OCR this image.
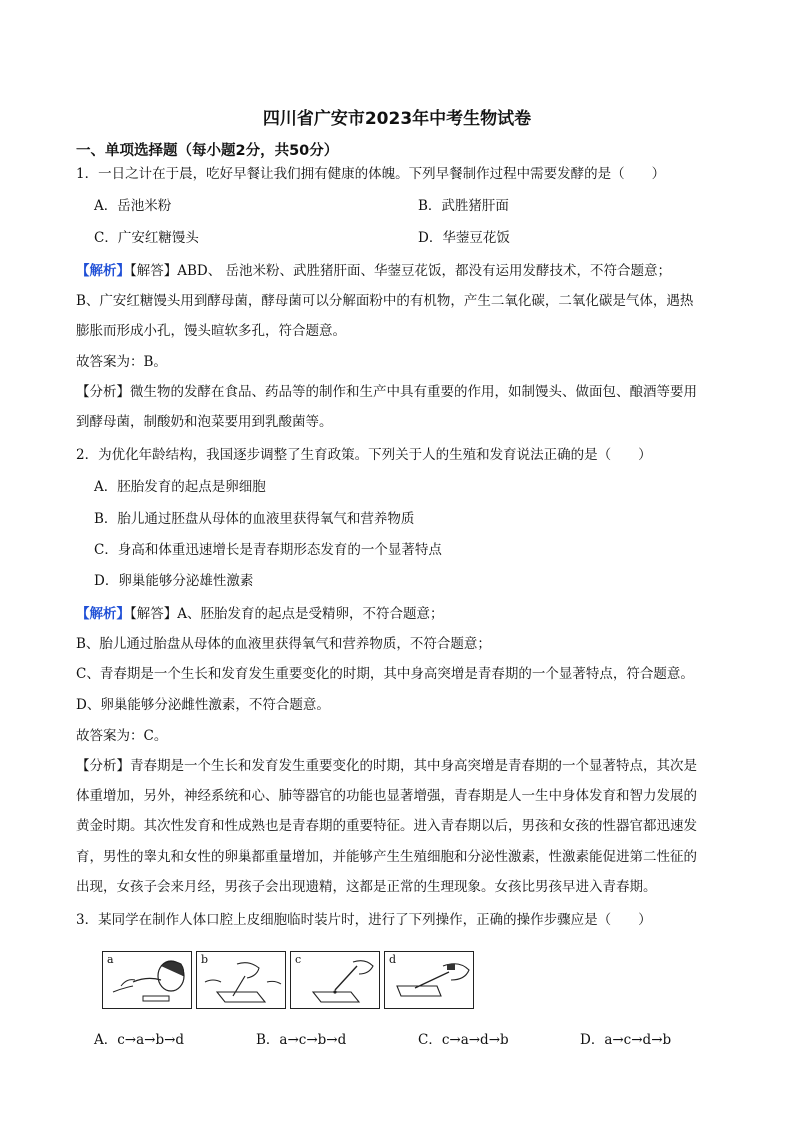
四川省广安市2023年中考生物试卷
一、单项选择题（每小题2分，共50分）
1．一日之计在于晨，吃好早餐让我们拥有健康的体魄。下列早餐制作过程中需要发酵的是（　　）
A．岳池米粉	B．武胜猪肝面
C．广安红糖馒头	D．华蓥豆花饭
【解析】【解答】ABD、 岳池米粉、武胜猪肝面、华蓥豆花饭，都没有运用发酵技术，不符合题意；
B、广安红糖馒头用到酵母菌，酵母菌可以分解面粉中的有机物，产生二氧化碳，二氧化碳是气体，遇热
膨胀而形成小孔，馒头暄软多孔，符合题意。
故答案为：B。
【分析】微生物的发酵在食品、药品等的制作和生产中具有重要的作用，如制馒头、做面包、酿酒等要用
到酵母菌，制酸奶和泡菜要用到乳酸菌等。
2．为优化年龄结构，我国逐步调整了生育政策。下列关于人的生殖和发育说法正确的是（　　）
A．胚胎发育的起点是卵细胞
B．胎儿通过胚盘从母体的血液里获得氧气和营养物质
C．身高和体重迅速增长是青春期形态发育的一个显著特点
D．卵巢能够分泌雄性激素
【解析】【解答】A、胚胎发育的起点是受精卵，不符合题意；
B、胎儿通过胎盘从母体的血液里获得氧气和营养物质，不符合题意；
C、青春期是一个生长和发育发生重要变化的时期，其中身高突增是青春期的一个显著特点，符合题意。
D、卵巢能够分泌雌性激素，不符合题意。
故答案为：C。
【分析】青春期是一个生长和发育发生重要变化的时期，其中身高突增是青春期的一个显著特点，其次是
体重增加，另外，神经系统和心、肺等器官的功能也显著增强，青春期是人一生中身体发育和智力发展的
黄金时期。其次性发育和性成熟也是青春期的重要特征。进入青春期以后，男孩和女孩的性器官都迅速发
育，男性的睾丸和女性的卵巢都重量增加，并能够产生生殖细胞和分泌性激素，性激素能促进第二性征的
出现，女孩子会来月经，男孩子会出现遗精，这都是正常的生理现象。女孩比男孩早进入青春期。
3．某同学在制作人体口腔上皮细胞临时装片时，进行了下列操作，正确的操作步骤应是（　　）
a	b	c	d
A．c→a→b→d	B．a→c→b→d	C．c→a→d→b	D．a→c→d→b
